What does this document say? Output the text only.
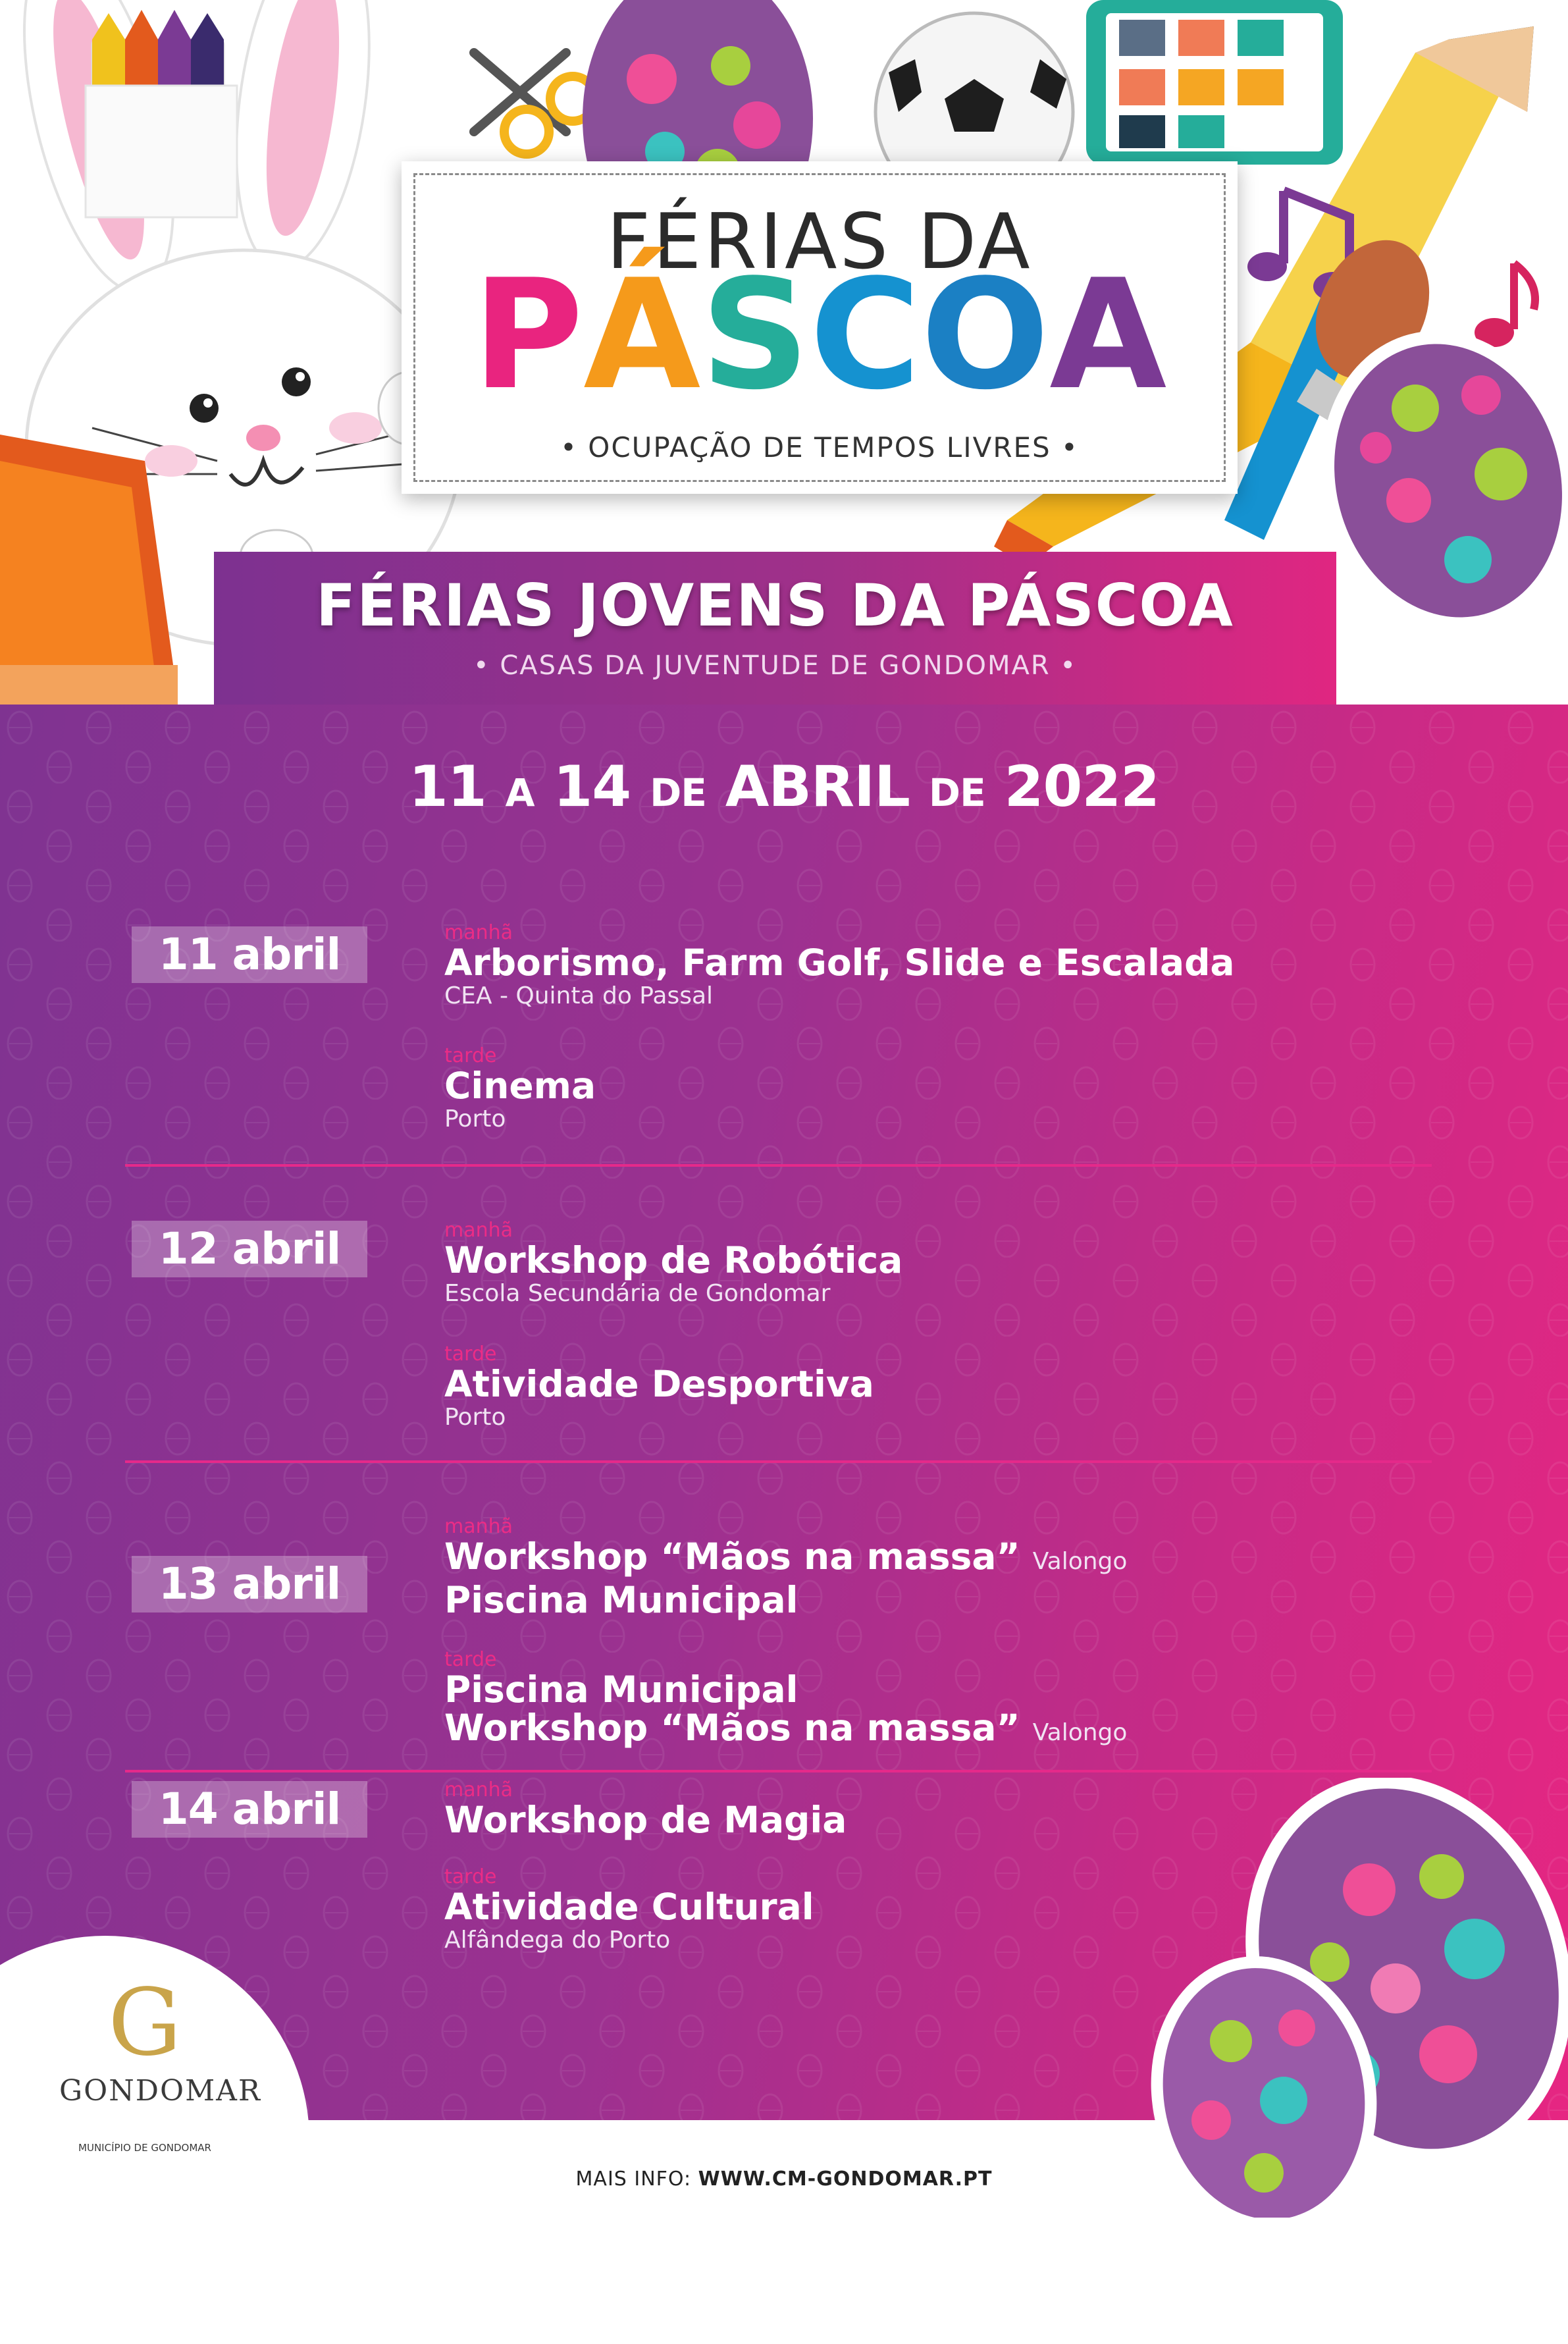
FÉRIAS DA
PÁSCOA
• OCUPAÇÃO DE TEMPOS LIVRES •
11 A 14 DE ABRIL DE 2022
11 abril	manhã
Arborismo, Farm Golf, Slide e Escalada
CEA - Quinta do Passal
tarde
Cinema
Porto
12 abril	manhã
Workshop de Robótica
Escola Secundária de Gondomar
tarde
Atividade Desportiva
Porto
13 abril
manhã
Workshop “Mãos na massa” Valongo
Piscina Municipal
tarde
Piscina Municipal
Workshop “Mãos na massa” Valongo
14 abril	manhã
Workshop de Magia
tarde
Atividade Cultural
Alfândega do Porto
FÉRIAS JOVENS DA PÁSCOA
• CASAS DA JUVENTUDE DE GONDOMAR •
MAIS INFO: WWW.CM-GONDOMAR.PT
G
GONDOMAR
MUNICÍPIO DE GONDOMAR
